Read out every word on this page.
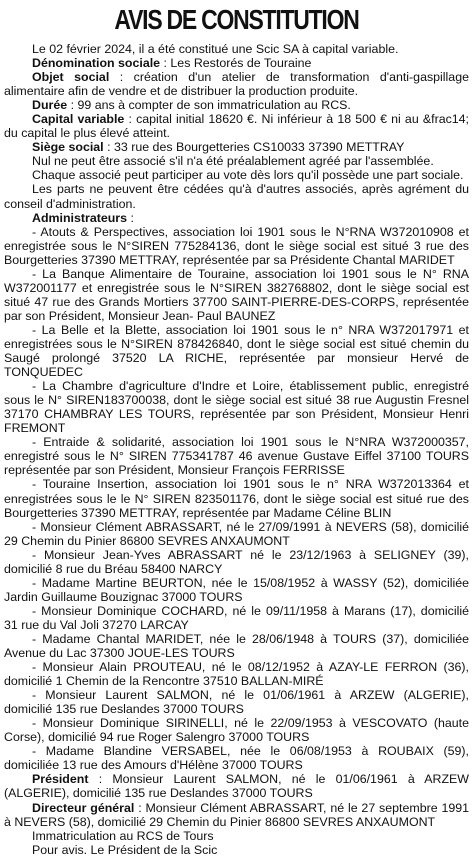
AVIS DE CONSTITUTION

Le 02 février 2024, il a été constitué une Scic SA à capital variable.

Dénomination sociale : Les Restorés de Touraine

Objet social : création d'un atelier de transformation d'anti-gaspillage alimentaire afin de vendre et de distribuer la production produite.

Durée : 99 ans à compter de son immatriculation au RCS.

Capital variable : capital initial 18620 €. Ni inférieur à 18 500 € ni au &frac14; du capital le plus élevé atteint.

Siège social : 33 rue des Bourgetteries CS10033 37390 METTRAY

Nul ne peut être associé s'il n'a été préalablement agréé par l'assemblée.

Chaque associé peut participer au vote dès lors qu'il possède une part sociale.

Les parts ne peuvent être cédées qu'à d'autres associés, après agrément du conseil d'administration.

Administrateurs :

- Atouts & Perspectives, association loi 1901 sous le N°RNA W372010908 et enregistrée sous le N°SIREN 775284136, dont le siège social est situé 3 rue des Bourgetteries 37390 METTRAY, représentée par sa Présidente Chantal MARIDET

- La Banque Alimentaire de Touraine, association loi 1901 sous le N° RNA W372001177 et enregistrée sous le N°SIREN 382768802, dont le siège social est situé 47 rue des Grands Mortiers 37700 SAINT-PIERRE-DES-CORPS, représentée par son Président, Monsieur Jean- Paul BAUNEZ

- La Belle et la Blette, association loi 1901 sous le n° NRA W372017971 et enregistrées sous le N°SIREN 878426840, dont le siège social est situé chemin du Saugé prolongé 37520 LA RICHE, représentée par monsieur Hervé de TONQUEDEC

- La Chambre d'agriculture d'Indre et Loire, établissement public, enregistré sous le N° SIREN183700038, dont le siège social est situé 38 rue Augustin Fresnel 37170 CHAMBRAY LES TOURS, représentée par son Président, Monsieur Henri FREMONT

- Entraide & solidarité, association loi 1901 sous le N°NRA W372000357, enregistré sous le N° SIREN 775341787 46 avenue Gustave Eiffel 37100 TOURS représentée par son Président, Monsieur François FERRISSE

- Touraine Insertion, association loi 1901 sous le n° NRA W372013364 et enregistrées sous le le N° SIREN 823501176, dont le siège social est situé rue des Bourgetteries 37390 METTRAY, représentée par Madame Céline BLIN

- Monsieur Clément ABRASSART, né le 27/09/1991 à NEVERS (58), domicilié 29 Chemin du Pinier 86800 SEVRES ANXAUMONT

- Monsieur Jean-Yves ABRASSART né le 23/12/1963 à SELIGNEY (39), domicilié 8 rue du Bréau 58400 NARCY

- Madame Martine BEURTON, née le 15/08/1952 à WASSY (52), domiciliée Jardin Guillaume Bouzignac 37000 TOURS

- Monsieur Dominique COCHARD, né le 09/11/1958 à Marans (17), domicilié 31 rue du Val Joli 37270 LARCAY

- Madame Chantal MARIDET, née le 28/06/1948 à TOURS (37), domiciliée Avenue du Lac 37300 JOUE-LES TOURS

- Monsieur Alain PROUTEAU, né le 08/12/1952 à AZAY-LE FERRON (36), domicilié 1 Chemin de la Rencontre 37510 BALLAN-MIRÉ

- Monsieur Laurent SALMON, né le 01/06/1961 à ARZEW (ALGERIE), domicilié 135 rue Deslandes 37000 TOURS

- Monsieur Dominique SIRINELLI, né le 22/09/1953 à VESCOVATO (haute Corse), domicilié 94 rue Roger Salengro 37000 TOURS

- Madame Blandine VERSABEL, née le 06/08/1953 à ROUBAIX (59), domiciliée 13 rue des Amours d'Hélène 37000 TOURS

Président : Monsieur Laurent SALMON, né le 01/06/1961 à ARZEW (ALGERIE), domicilié 135 rue Deslandes 37000 TOURS

Directeur général : Monsieur Clément ABRASSART, né le 27 septembre 1991 à NEVERS (58), domicilié 29 Chemin du Pinier 86800 SEVRES ANXAUMONT

Immatriculation au RCS de Tours

Pour avis. Le Président de la Scic
